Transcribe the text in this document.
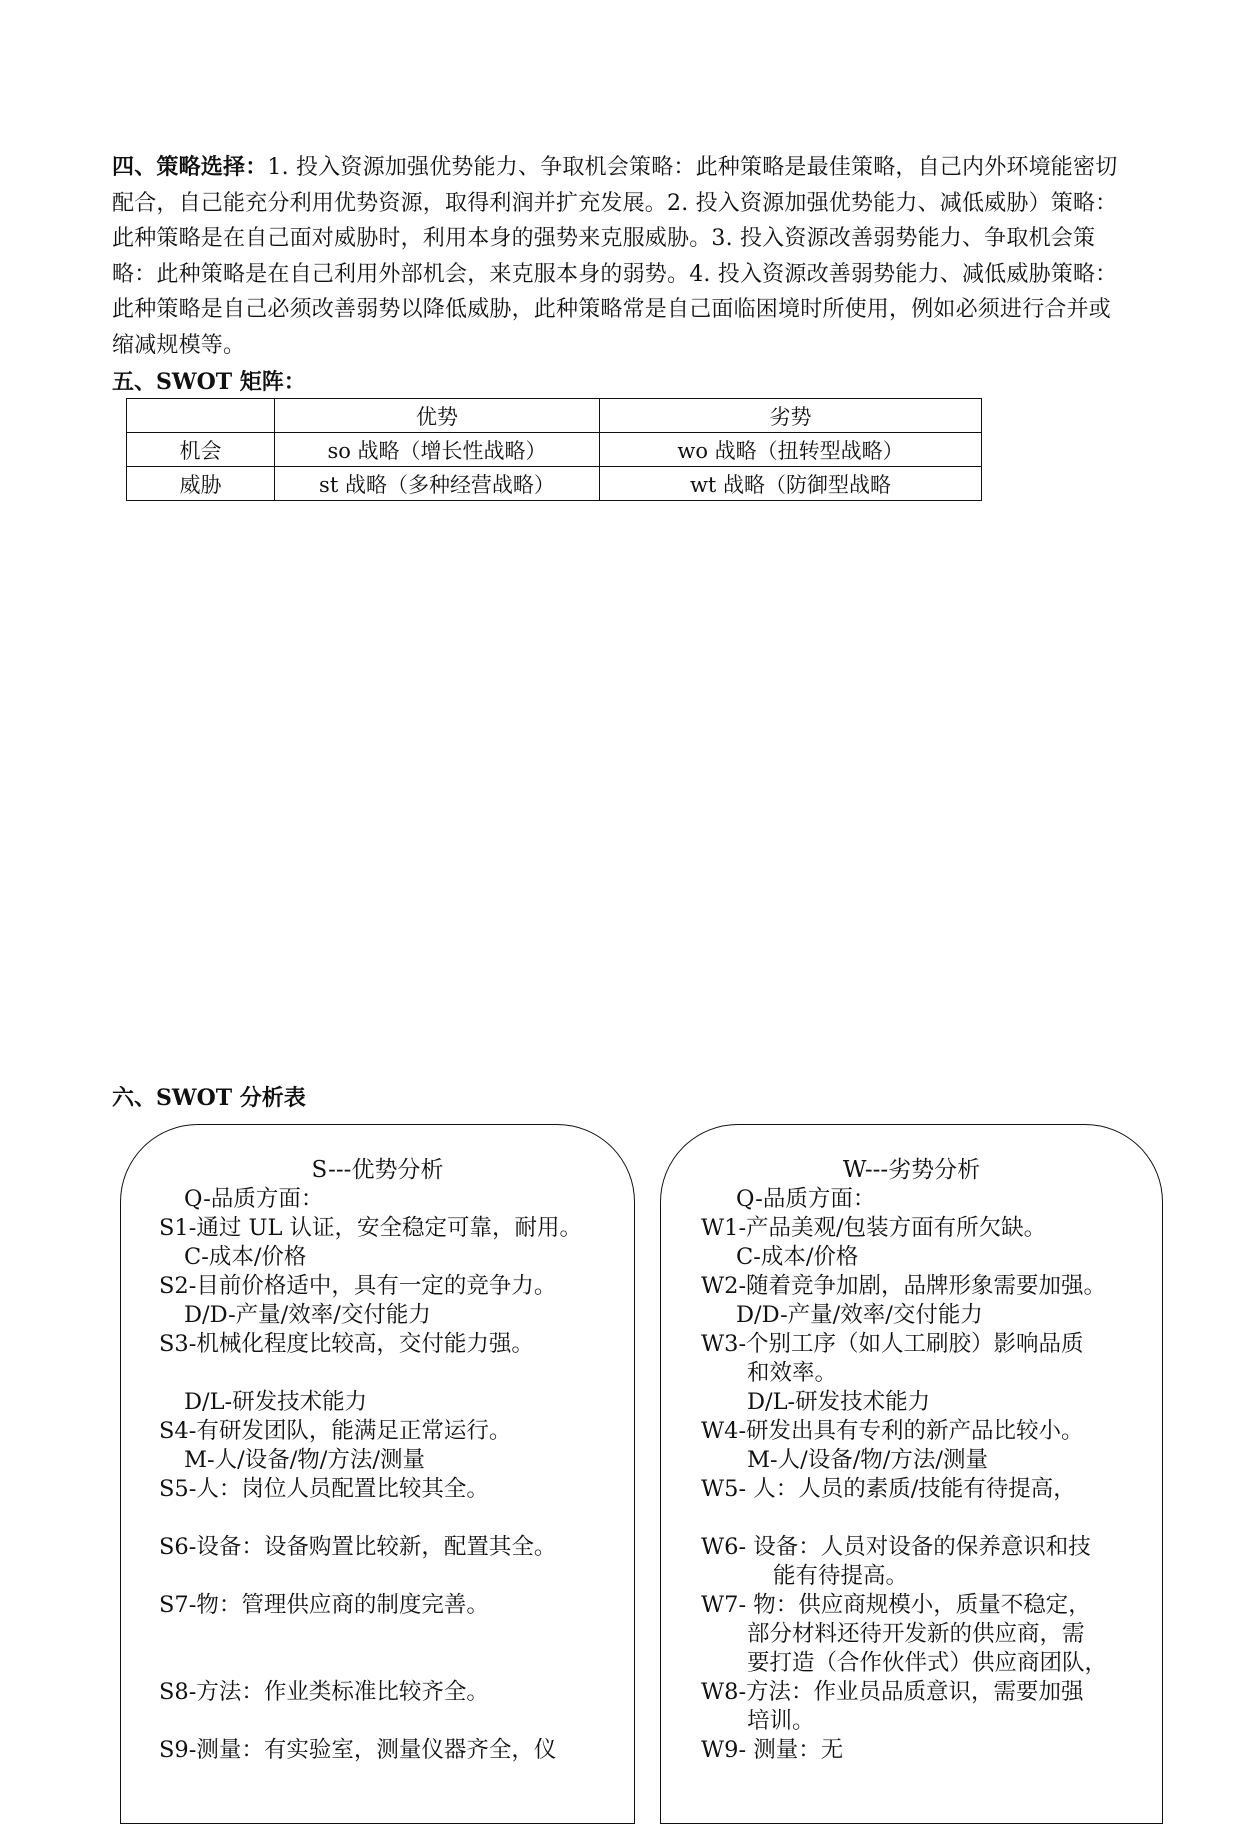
四、策略选择：1. 投入资源加强优势能力、争取机会策略：此种策略是最佳策略，自己内外环境能密切配合，自己能充分利用优势资源，取得利润并扩充发展。2. 投入资源加强优势能力、减低威胁）策略：此种策略是在自己面对威胁时，利用本身的强势来克服威胁。3. 投入资源改善弱势能力、争取机会策略：此种策略是在自己利用外部机会，来克服本身的弱势。4. 投入资源改善弱势能力、减低威胁策略：此种策略是自己必须改善弱势以降低威胁，此种策略常是自己面临困境时所使用，例如必须进行合并或缩减规模等。
五、SWOT 矩阵：
	优势	劣势
机会	so 战略（增长性战略）	wo 战略（扭转型战略）
威胁	st 战略（多种经营战略）	wt 战略（防御型战略
六、SWOT 分析表
S---优势分析
Q-品质方面：
S1-通过 UL 认证，安全稳定可靠，耐用。
C-成本/价格
S2-目前价格适中，具有一定的竞争力。
D/D-产量/效率/交付能力
S3-机械化程度比较高，交付能力强。
D/L-研发技术能力
S4-有研发团队，能满足正常运行。
M-人/设备/物/方法/测量
S5-人：岗位人员配置比较其全。
S6-设备：设备购置比较新，配置其全。
S7-物：管理供应商的制度完善。
S8-方法：作业类标准比较齐全。
S9-测量：有实验室，测量仪器齐全，仪
W---劣势分析
Q-品质方面：
W1-产品美观/包装方面有所欠缺。
C-成本/价格
W2-随着竞争加剧，品牌形象需要加强。
D/D-产量/效率/交付能力
W3-个别工序（如人工刷胶）影响品质
和效率。
D/L-研发技术能力
W4-研发出具有专利的新产品比较小。
M-人/设备/物/方法/测量
W5- 人：人员的素质/技能有待提高，
W6- 设备：人员对设备的保养意识和技
能有待提高。
W7- 物：供应商规模小，质量不稳定，
部分材料还待开发新的供应商，需
要打造（合作伙伴式）供应商团队，
W8-方法：作业员品质意识，需要加强
培训。
W9- 测量：无
